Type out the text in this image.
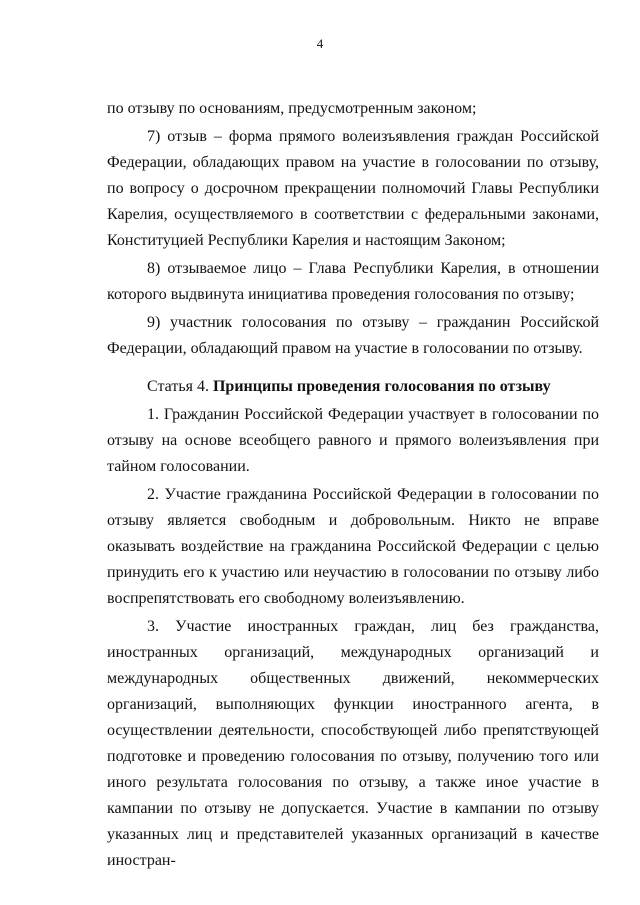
4

по отзыву по основаниям, предусмотренным законом;

7) отзыв – форма прямого волеизъявления граждан Российской Федерации, обладающих правом на участие в голосовании по отзыву, по вопросу о досрочном прекращении полномочий Главы Республики Карелия, осуществляемого в соответствии с федеральными законами, Конституцией Республики Карелия и настоящим Законом;

8) отзываемое лицо – Глава Республики Карелия, в отношении которого выдвинута инициатива проведения голосования по отзыву;

9) участник голосования по отзыву – гражданин Российской Федерации, обладающий правом на участие в голосовании по отзыву.

Статья 4. Принципы проведения голосования по отзыву

1. Гражданин Российской Федерации участвует в голосовании по отзыву на основе всеобщего равного и прямого волеизъявления при тайном голосовании.

2. Участие гражданина Российской Федерации в голосовании по отзыву является свободным и добровольным. Никто не вправе оказывать воздействие на гражданина Российской Федерации с целью принудить его к участию или неучастию в голосовании по отзыву либо воспрепятствовать его свободному волеизъявлению.

3. Участие иностранных граждан, лиц без гражданства, иностранных организаций, международных организаций и международных общественных движений, некоммерческих организаций, выполняющих функции иностранного агента, в осуществлении деятельности, способствующей либо препятствующей подготовке и проведению голосования по отзыву, получению того или иного результата голосования по отзыву, а также иное участие в кампании по отзыву не допускается. Участие в кампании по отзыву указанных лиц и представителей указанных организаций в качестве иностран-
